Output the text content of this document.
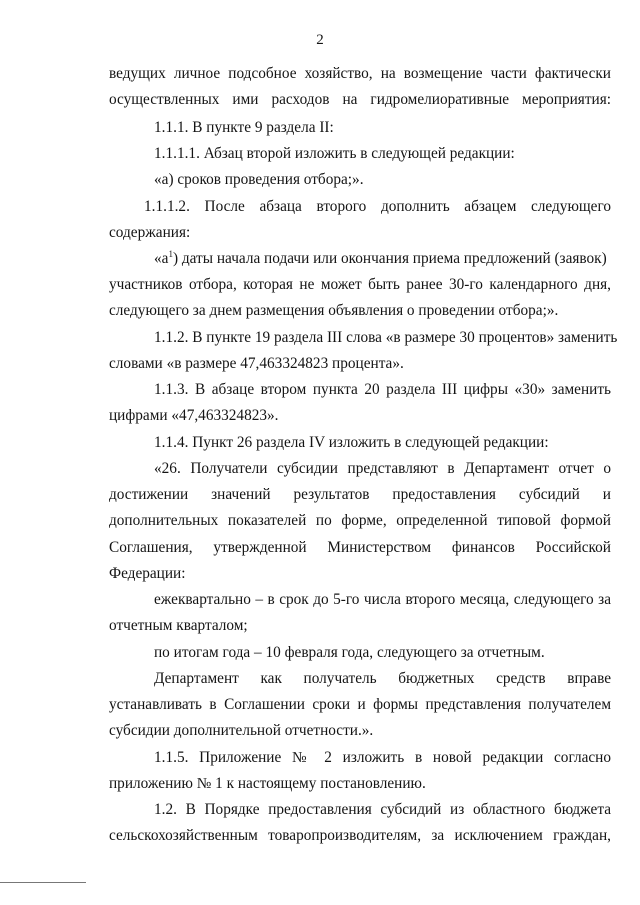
2
ведущих личное подсобное хозяйство, на возмещение части фактически
осуществленных ими расходов на гидромелиоративные мероприятия:
1.1.1. В пункте 9 раздела II:
1.1.1.1. Абзац второй изложить в следующей редакции:
«а) сроков проведения отбора;».
1.1.1.2. После абзаца второго дополнить абзацем следующего
содержания:
«$а^1$) даты начала подачи или окончания приема предложений (заявок)
участников отбора, которая не может быть ранее 30-го календарного дня,
следующего за днем размещения объявления о проведении отбора;».
1.1.2. В пункте 19 раздела III слова «в размере 30 процентов» заменить
словами «в размере 47,463324823 процента».
1.1.3. В абзаце втором пункта 20 раздела III цифры «30» заменить
цифрами «47,463324823».
1.1.4. Пункт 26 раздела IV изложить в следующей редакции:
«26. Получатели субсидии представляют в Департамент отчет о
достижении значений результатов предоставления субсидий и
дополнительных показателей по форме, определенной типовой формой
Соглашения, утвержденной Министерством финансов Российской
Федерации:
ежеквартально – в срок до 5-го числа второго месяца, следующего за
отчетным кварталом;
по итогам года – 10 февраля года, следующего за отчетным.
Департамент как получатель бюджетных средств вправе
устанавливать в Соглашении сроки и формы представления получателем
субсидии дополнительной отчетности.».
1.1.5. Приложение № 2 изложить в новой редакции согласно
приложению № 1 к настоящему постановлению.
1.2. В Порядке предоставления субсидий из областного бюджета
сельскохозяйственным товаропроизводителям, за исключением граждан,
